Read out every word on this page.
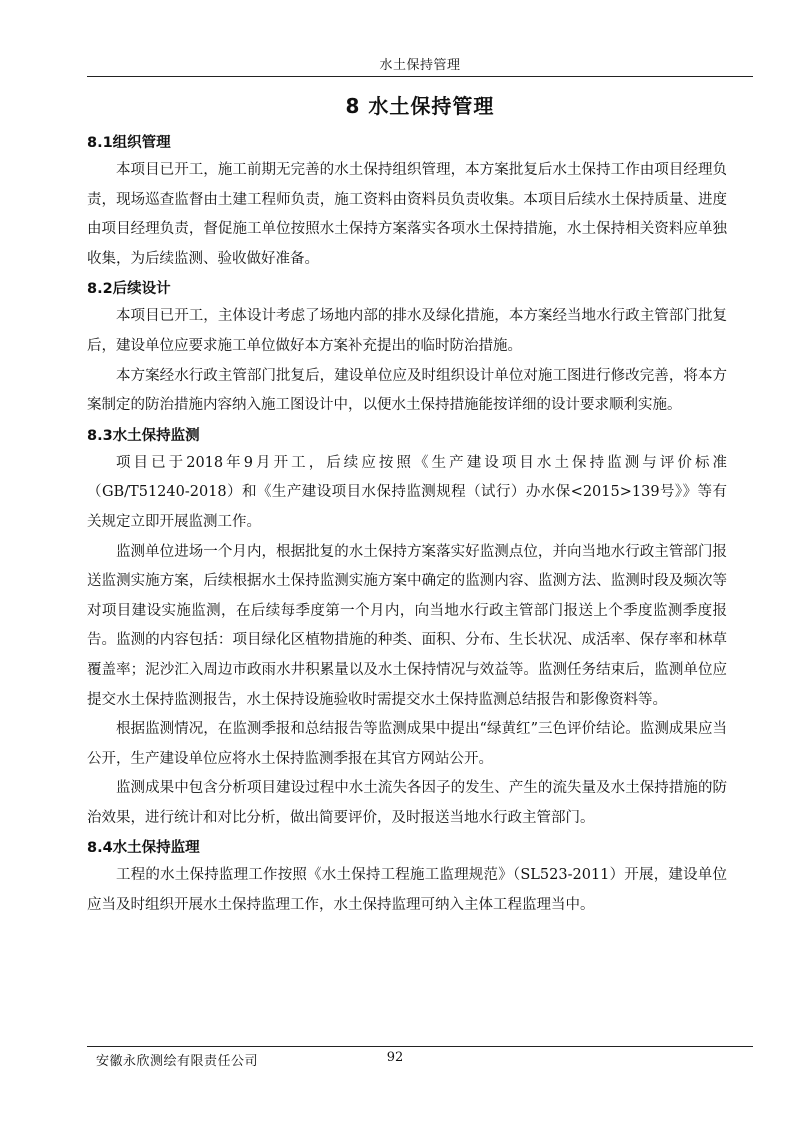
水土保持管理
8 水土保持管理
8.1组织管理

本项目已开工，施工前期无完善的水土保持组织管理，本方案批复后水土保持工作由项目经理负责，现场巡查监督由土建工程师负责，施工资料由资料员负责收集。本项目后续水土保持质量、进度由项目经理负责，督促施工单位按照水土保持方案落实各项水土保持措施，水土保持相关资料应单独收集，为后续监测、验收做好准备。

8.2后续设计

本项目已开工，主体设计考虑了场地内部的排水及绿化措施，本方案经当地水行政主管部门批复后，建设单位应要求施工单位做好本方案补充提出的临时防治措施。

本方案经水行政主管部门批复后，建设单位应及时组织设计单位对施工图进行修改完善，将本方案制定的防治措施内容纳入施工图设计中，以便水土保持措施能按详细的设计要求顺利实施。

8.3水土保持监测

项目已于2018年9月开工，后续应按照《生产建设项目水土保持监测与评价标准（GB/T51240-2018）和《生产建设项目水保持监测规程（试行）办水保<2015>139号》》等有关规定立即开展监测工作。

监测单位进场一个月内，根据批复的水土保持方案落实好监测点位，并向当地水行政主管部门报送监测实施方案，后续根据水土保持监测实施方案中确定的监测内容、监测方法、监测时段及频次等对项目建设实施监测，在后续每季度第一个月内，向当地水行政主管部门报送上个季度监测季度报告。监测的内容包括：项目绿化区植物措施的种类、面积、分布、生长状况、成活率、保存率和林草覆盖率；泥沙汇入周边市政雨水井积累量以及水土保持情况与效益等。监测任务结束后，监测单位应提交水土保持监测报告，水土保持设施验收时需提交水土保持监测总结报告和影像资料等。

根据监测情况，在监测季报和总结报告等监测成果中提出“绿黄红”三色评价结论。监测成果应当公开，生产建设单位应将水土保持监测季报在其官方网站公开。

监测成果中包含分析项目建设过程中水土流失各因子的发生、产生的流失量及水土保持措施的防治效果，进行统计和对比分析，做出简要评价，及时报送当地水行政主管部门。

8.4水土保持监理

工程的水土保持监理工作按照《水土保持工程施工监理规范》（SL523-2011）开展，建设单位应当及时组织开展水土保持监理工作，水土保持监理可纳入主体工程监理当中。

安徽永欣测绘有限责任公司	92
